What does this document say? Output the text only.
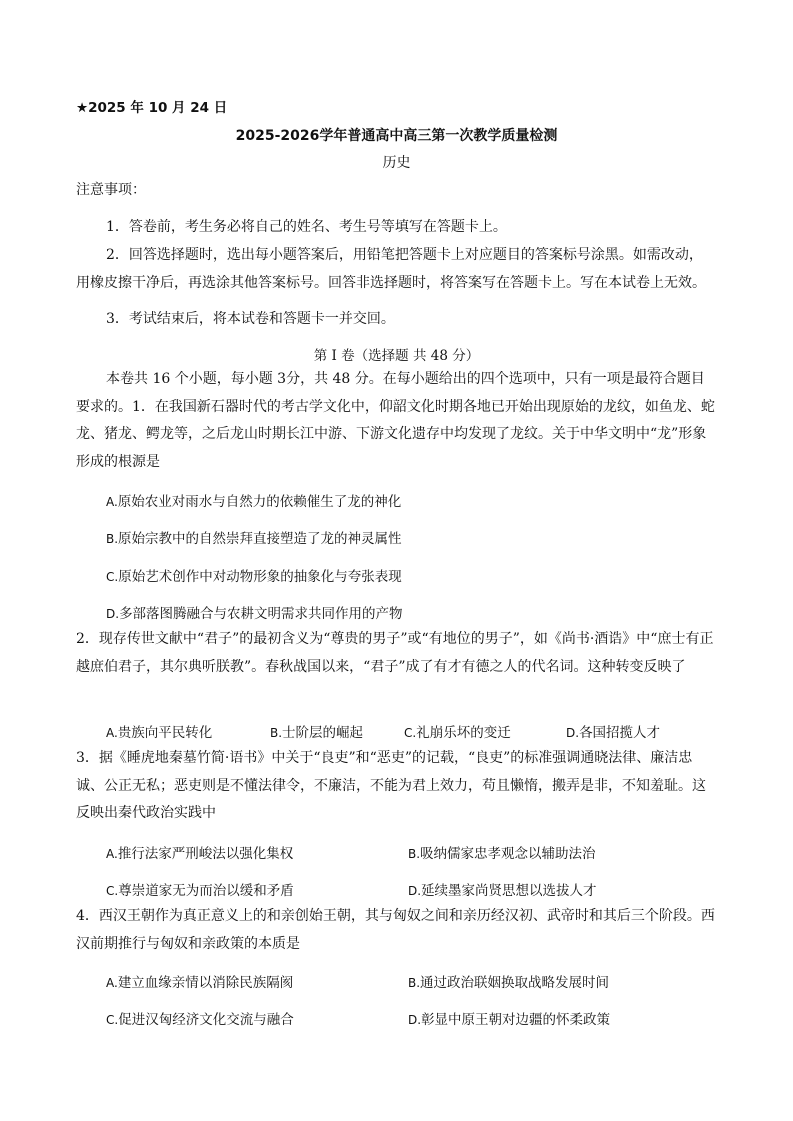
★2025 年 10 月 24 日
2025-2026学年普通高中高三第一次教学质量检测
历史
注意事项：
1．答卷前，考生务必将自己的姓名、考生号等填写在答题卡上。
2．回答选择题时，选出每小题答案后，用铅笔把答题卡上对应题目的答案标号涂黑。如需改动，用橡皮擦干净后，再选涂其他答案标号。回答非选择题时，将答案写在答题卡上。写在本试卷上无效。
3．考试结束后，将本试卷和答题卡一并交回。
第 Ⅰ 卷（选择题 共 48 分）
本卷共 16 个小题，每小题 3分，共 48 分。在每小题给出的四个选项中，只有一项是最符合题目要求的。1．在我国新石器时代的考古学文化中，仰韶文化时期各地已开始出现原始的龙纹，如鱼龙、蛇龙、猪龙、鳄龙等，之后龙山时期长江中游、下游文化遗存中均发现了龙纹。关于中华文明中“龙”形象形成的根源是
A.原始农业对雨水与自然力的依赖催生了龙的神化
B.原始宗教中的自然崇拜直接塑造了龙的神灵属性
C.原始艺术创作中对动物形象的抽象化与夸张表现
D.多部落图腾融合与农耕文明需求共同作用的产物
2．现存传世文献中“君子”的最初含义为“尊贵的男子”或“有地位的男子”，如《尚书·酒诰》中“庶士有正越庶伯君子，其尔典听朕教”。春秋战国以来，“君子”成了有才有德之人的代名词。这种转变反映了
A.贵族向平民转化	B.士阶层的崛起	C.礼崩乐坏的变迁	D.各国招揽人才
3．据《睡虎地秦墓竹简·语书》中关于“良吏”和“恶吏”的记载，“良吏”的标准强调通晓法律、廉洁忠诚、公正无私；恶吏则是不懂法律令，不廉洁，不能为君上效力，苟且懒惰，搬弄是非，不知羞耻。这反映出秦代政治实践中
A.推行法家严刑峻法以强化集权	B.吸纳儒家忠孝观念以辅助法治
C.尊崇道家无为而治以缓和矛盾	D.延续墨家尚贤思想以选拔人才
4．西汉王朝作为真正意义上的和亲创始王朝，其与匈奴之间和亲历经汉初、武帝时和其后三个阶段。西汉前期推行与匈奴和亲政策的本质是
A.建立血缘亲情以消除民族隔阂	B.通过政治联姻换取战略发展时间
C.促进汉匈经济文化交流与融合	D.彰显中原王朝对边疆的怀柔政策
